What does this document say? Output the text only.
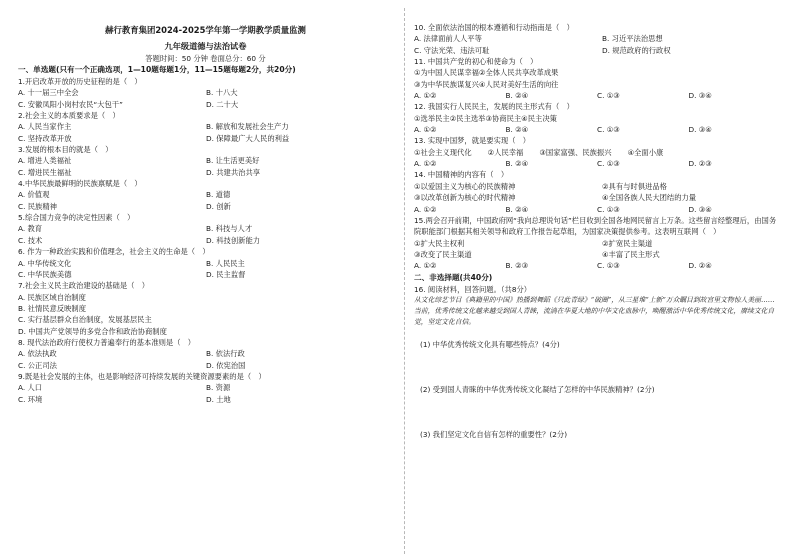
赫行教育集团2024-2025学年第一学期教学质量监测
九年级道德与法治试卷
答题时间：50 分钟 卷面总分：60 分
一、单选题(只有一个正确选项，1—10题每题1分，11—15题每题2分，共20分)
1.开启改革开放的历史征程的是（　）
A. 十一届三中全会	B. 十八大
C. 安徽凤阳小岗村农民“大包干”	D. 二十大
2.社会主义的本质要求是（　）
A. 人民当家作主	B. 解放和发展社会生产力
C. 坚持改革开放	D. 保障最广大人民的利益
3.发展的根本目的就是（　）
A. 增进人类福祉	B. 让生活更美好
C. 增进民生福祉	D. 共建共治共享
4.中华民族最鲜明的民族禀赋是（　）
A. 价值观	B. 道德
C. 民族精神	D. 创新
5.综合国力竞争的决定性因素（　）
A. 教育	B. 科技与人才
C. 技术	D. 科技创新能力
6. 作为一种政治实践和价值理念，社会主义的生命是（　）
A. 中华传统文化	B. 人民民主
C. 中华民族美德	D. 民主监督
7.社会主义民主政治建设的基础是（　）
A. 民族区域自治制度
B. 社情民意反映制度
C. 实行基层群众自治制度，发展基层民主
D. 中国共产党领导的多党合作和政治协商制度
8. 现代法治政府行使权力普遍奉行的基本准则是（　）
A. 依法执政	B. 依法行政
C. 公正司法	D. 依宪治国
9.既是社会发展的主体，也是影响经济可持续发展的关键资源要素的是（　）
A. 人口	B. 资源
C. 环境	D. 土地
10. 全面依法治国的根本遵循和行动指南是（　）
A. 法律面前人人平等	B. 习近平法治思想
C. 守法光荣、违法可耻	D. 规范政府的行政权
11. 中国共产党的初心和使命为（　）
①为中国人民谋幸福②全体人民共享改革成果
③为中华民族谋复兴④人民对美好生活的向往
A. ①②	B. ②④	C. ①③	D. ③④
12. 我国实行人民民主，发展的民主形式有（　）
①选举民主②民主选举③协商民主④民主决策
A. ①②	B. ②④	C. ①③	D. ③④
13. 实现中国梦，就是要实现（　）
①社会主义现代化 ②人民幸福 ③国家富强、民族振兴 ④全面小康
A. ①②	B. ②④	C. ①③	D. ②③
14. 中国精神的内容有（　）
①以爱国主义为核心的民族精神	②具有与时俱进品格
③以改革创新为核心的时代精神	④全国各族人民大团结的力量
A. ①②	B. ②④	C. ①③	D. ③④
15.两会召开前期，中国政府网“我向总理说句话”栏目收到全国各地网民留言上万条。这些留言经整理后，由国务院职能部门根据其相关领导和政府工作报告起草组，为国家决策提供参考。这表明互联网（　）
①扩大民主权利	②扩宽民主渠道
③改变了民主渠道	④丰富了民主形式
A. ①②	B. ②③	C. ①③	D. ②④
二、非选择题(共40分)
16. 阅读材料，回答问题。（共8分）
从文化综艺节目《典籍里的中国》热播到舞蹈《只此青绿》“破圈”，从三星堆“上新”万众瞩目到故宫里文物惊人美丽……当前，优秀传统文化越来越受到国人青睐，流淌在华夏大地的中华文化血脉中，唤醒激活中华优秀传统文化，赓续文化自觉，坚定文化自信。
(1) 中华优秀传统文化具有哪些特点？(4分)
(2) 受到国人青睐的中华优秀传统文化凝结了怎样的中华民族精神？(2分)
(3) 我们坚定文化自信有怎样的重要性？(2分)
